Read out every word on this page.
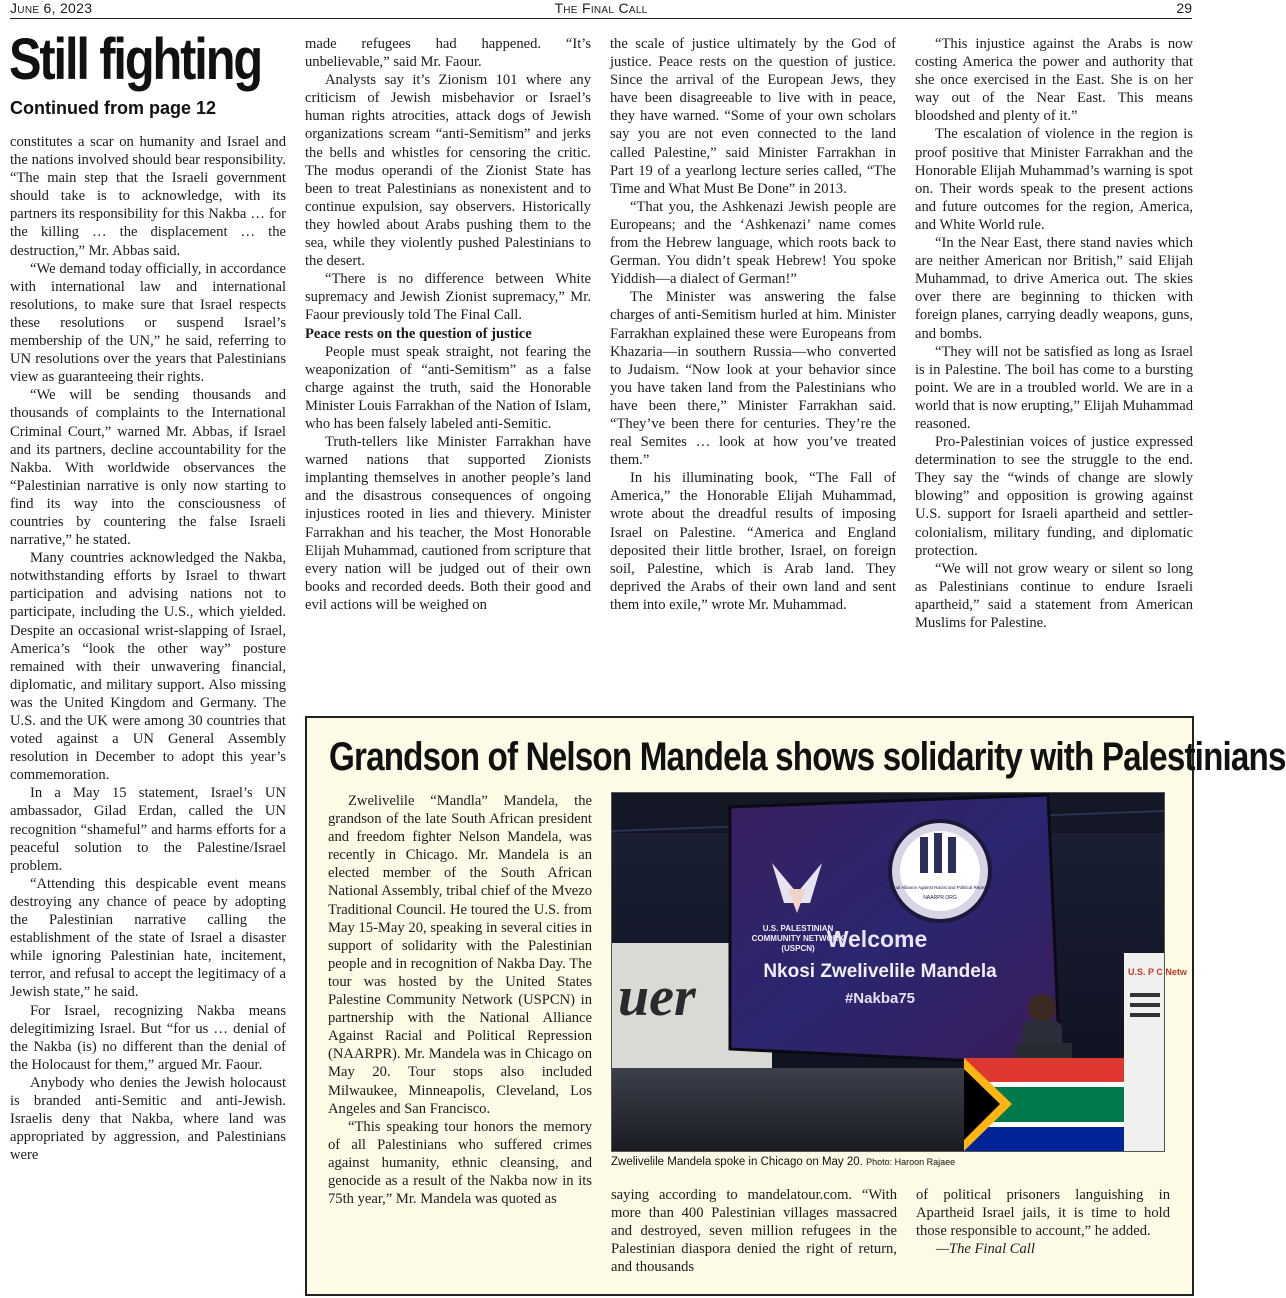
June 6, 2023	The Final Call	29
Still fighting
Continued from page 12

constitutes a scar on humanity and Israel and the nations involved should bear responsibility. “The main step that the Israeli government should take is to acknowledge, with its partners its responsibility for this Nakba … for the killing … the displacement … the destruction,” Mr. Abbas said.

“We demand today officially, in accordance with international law and international resolutions, to make sure that Israel respects these resolutions or suspend Israel’s membership of the UN,” he said, referring to UN resolutions over the years that Palestinians view as guaranteeing their rights.

“We will be sending thousands and thousands of complaints to the International Criminal Court,” warned Mr. Abbas, if Israel and its partners, decline accountability for the Nakba. With worldwide observances the “Palestinian narrative is only now starting to find its way into the consciousness of countries by countering the false Israeli narrative,” he stated.

Many countries acknowledged the Nakba, notwithstanding efforts by Israel to thwart participation and advising nations not to participate, including the U.S., which yielded. Despite an occasional wrist-slapping of Israel, America’s “look the other way” posture remained with their unwavering financial, diplomatic, and military support. Also missing was the United Kingdom and Germany. The U.S. and the UK were among 30 countries that voted against a UN General Assembly resolution in December to adopt this year’s commemoration.

In a May 15 statement, Israel’s UN ambassador, Gilad Erdan, called the UN recognition “shameful” and harms efforts for a peaceful solution to the Palestine/Israel problem.

“Attending this despicable event means destroying any chance of peace by adopting the Palestinian narrative calling the establishment of the state of Israel a disaster while ignoring Palestinian hate, incitement, terror, and refusal to accept the legitimacy of a Jewish state,” he said.

For Israel, recognizing Nakba means delegitimizing Israel. But “for us … denial of the Nakba (is) no different than the denial of the Holocaust for them,” argued Mr. Faour.

Anybody who denies the Jewish holocaust is branded anti-Semitic and anti-Jewish. Israelis deny that Nakba, where land was appropriated by aggression, and Palestinians were

made refugees had happened. “It’s unbelievable,” said Mr. Faour.

Analysts say it’s Zionism 101 where any criticism of Jewish misbehavior or Israel’s human rights atrocities, attack dogs of Jewish organizations scream “anti-Semitism” and jerks the bells and whistles for censoring the critic. The modus operandi of the Zionist State has been to treat Palestinians as nonexistent and to continue expulsion, say observers. Historically they howled about Arabs pushing them to the sea, while they violently pushed Palestinians to the desert.

“There is no difference between White supremacy and Jewish Zionist supremacy,” Mr. Faour previously told The Final Call.

Peace rests on the question of justice

People must speak straight, not fearing the weaponization of “anti-Semitism” as a false charge against the truth, said the Honorable Minister Louis Farrakhan of the Nation of Islam, who has been falsely labeled anti-Semitic.

Truth-tellers like Minister Farrakhan have warned nations that supported Zionists implanting themselves in another people’s land and the disastrous consequences of ongoing injustices rooted in lies and thievery. Minister Farrakhan and his teacher, the Most Honorable Elijah Muhammad, cautioned from scripture that every nation will be judged out of their own books and recorded deeds. Both their good and evil actions will be weighed on

the scale of justice ultimately by the God of justice. Peace rests on the question of justice. Since the arrival of the European Jews, they have been disagreeable to live with in peace, they have warned. “Some of your own scholars say you are not even connected to the land called Palestine,” said Minister Farrakhan in Part 19 of a yearlong lecture series called, “The Time and What Must Be Done” in 2013.

“That you, the Ashkenazi Jewish people are Europeans; and the ‘Ashkenazi’ name comes from the Hebrew language, which roots back to German. You didn’t speak Hebrew! You spoke Yiddish—a dialect of German!”

The Minister was answering the false charges of anti-Semitism hurled at him. Minister Farrakhan explained these were Europeans from Khazaria—in southern Russia—who converted to Judaism. “Now look at your behavior since you have taken land from the Palestinians who have been there,” Minister Farrakhan said. “They’ve been there for centuries. They’re the real Semites … look at how you’ve treated them.”

In his illuminating book, “The Fall of America,” the Honorable Elijah Muhammad, wrote about the dreadful results of imposing Israel on Palestine. “America and England deposited their little brother, Israel, on foreign soil, Palestine, which is Arab land. They deprived the Arabs of their own land and sent them into exile,” wrote Mr. Muhammad.

“This injustice against the Arabs is now costing America the power and authority that she once exercised in the East. She is on her way out of the Near East. This means bloodshed and plenty of it.”

The escalation of violence in the region is proof positive that Minister Farrakhan and the Honorable Elijah Muhammad’s warning is spot on. Their words speak to the present actions and future outcomes for the region, America, and White World rule.

“In the Near East, there stand navies which are neither American nor British,” said Elijah Muhammad, to drive America out. The skies over there are beginning to thicken with foreign planes, carrying deadly weapons, guns, and bombs.

“They will not be satisfied as long as Israel is in Palestine. The boil has come to a bursting point. We are in a troubled world. We are in a world that is now erupting,” Elijah Muhammad reasoned.

Pro-Palestinian voices of justice expressed determination to see the struggle to the end. They say the “winds of change are slowly blowing” and opposition is growing against U.S. support for Israeli apartheid and settler-colonialism, military funding, and diplomatic protection.

“We will not grow weary or silent so long as Palestinians continue to endure Israeli apartheid,” said a statement from American Muslims for Palestine.

Grandson of Nelson Mandela shows solidarity with Palestinians

Zwelivelile “Mandla” Mandela, the grandson of the late South African president and freedom fighter Nelson Mandela, was recently in Chicago. Mr. Mandela is an elected member of the South African National Assembly, tribal chief of the Mvezo Traditional Council. He toured the U.S. from May 15-May 20, speaking in several cities in support of solidarity with the Palestinian people and in recognition of Nakba Day. The tour was hosted by the United States Palestine Community Network (USPCN) in partnership with the National Alliance Against Racial and Political Repression (NAARPR). Mr. Mandela was in Chicago on May 20. Tour stops also included Milwaukee, Minneapolis, Cleveland, Los Angeles and San Francisco.

“This speaking tour honors the memory of all Palestinians who suffered crimes against humanity, ethnic cleansing, and genocide as a result of the Nakba now in its 75th year,” Mr. Mandela was quoted as

uer
U.S. PALESTINIAN
COMMUNITY NETWORK
(USPCN)
National Alliance Against Racist and Political Repression
NAARPR.ORG
Welcome
Nkosi Zwelivelile Mandela
#Nakba75
U.S. P C Netw
Zwelivelile Mandela spoke in Chicago on May 20. Photo: Haroon Rajaee

saying according to mandelatour.com. “With more than 400 Palestinian villages massacred and destroyed, seven million refugees in the Palestinian diaspora denied the right of return, and thousands

of political prisoners languishing in Apartheid Israel jails, it is time to hold those responsible to account,” he added.

—The Final Call
